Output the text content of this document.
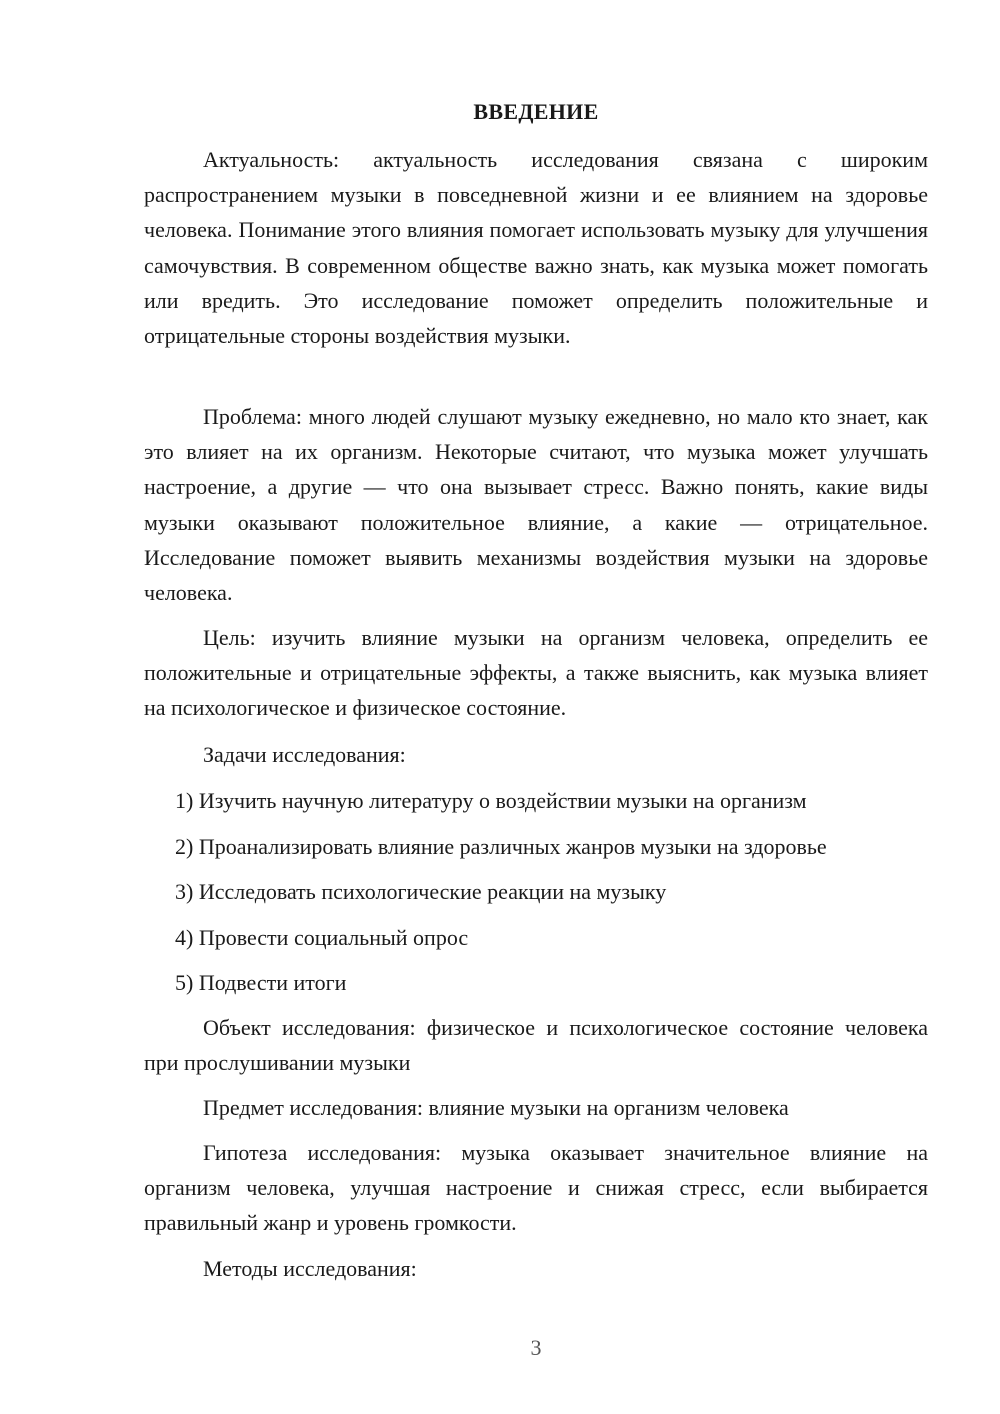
ВВЕДЕНИЕ

Актуальность: актуальность исследования связана с широким распространением музыки в повседневной жизни и ее влиянием на здоровье человека. Понимание этого влияния помогает использовать музыку для улучшения самочувствия. В современном обществе важно знать, как музыка может помогать или вредить. Это исследование поможет определить положительные и отрицательные стороны воздействия музыки.

Проблема: много людей слушают музыку ежедневно, но мало кто знает, как это влияет на их организм. Некоторые считают, что музыка может улучшать настроение, а другие — что она вызывает стресс. Важно понять, какие виды музыки оказывают положительное влияние, а какие — отрицательное. Исследование поможет выявить механизмы воздействия музыки на здоровье человека.

Цель: изучить влияние музыки на организм человека, определить ее положительные и отрицательные эффекты, а также выяснить, как музыка влияет на психологическое и физическое состояние.

Задачи исследования:

1) Изучить научную литературу о воздействии музыки на организм
2) Проанализировать влияние различных жанров музыки на здоровье
3) Исследовать психологические реакции на музыку
4) Провести социальный опрос
5) Подвести итоги

Объект исследования: физическое и психологическое состояние человека при прослушивании музыки

Предмет исследования: влияние музыки на организм человека

Гипотеза исследования: музыка оказывает значительное влияние на организм человека, улучшая настроение и снижая стресс, если выбирается правильный жанр и уровень громкости.

Методы исследования:

3
